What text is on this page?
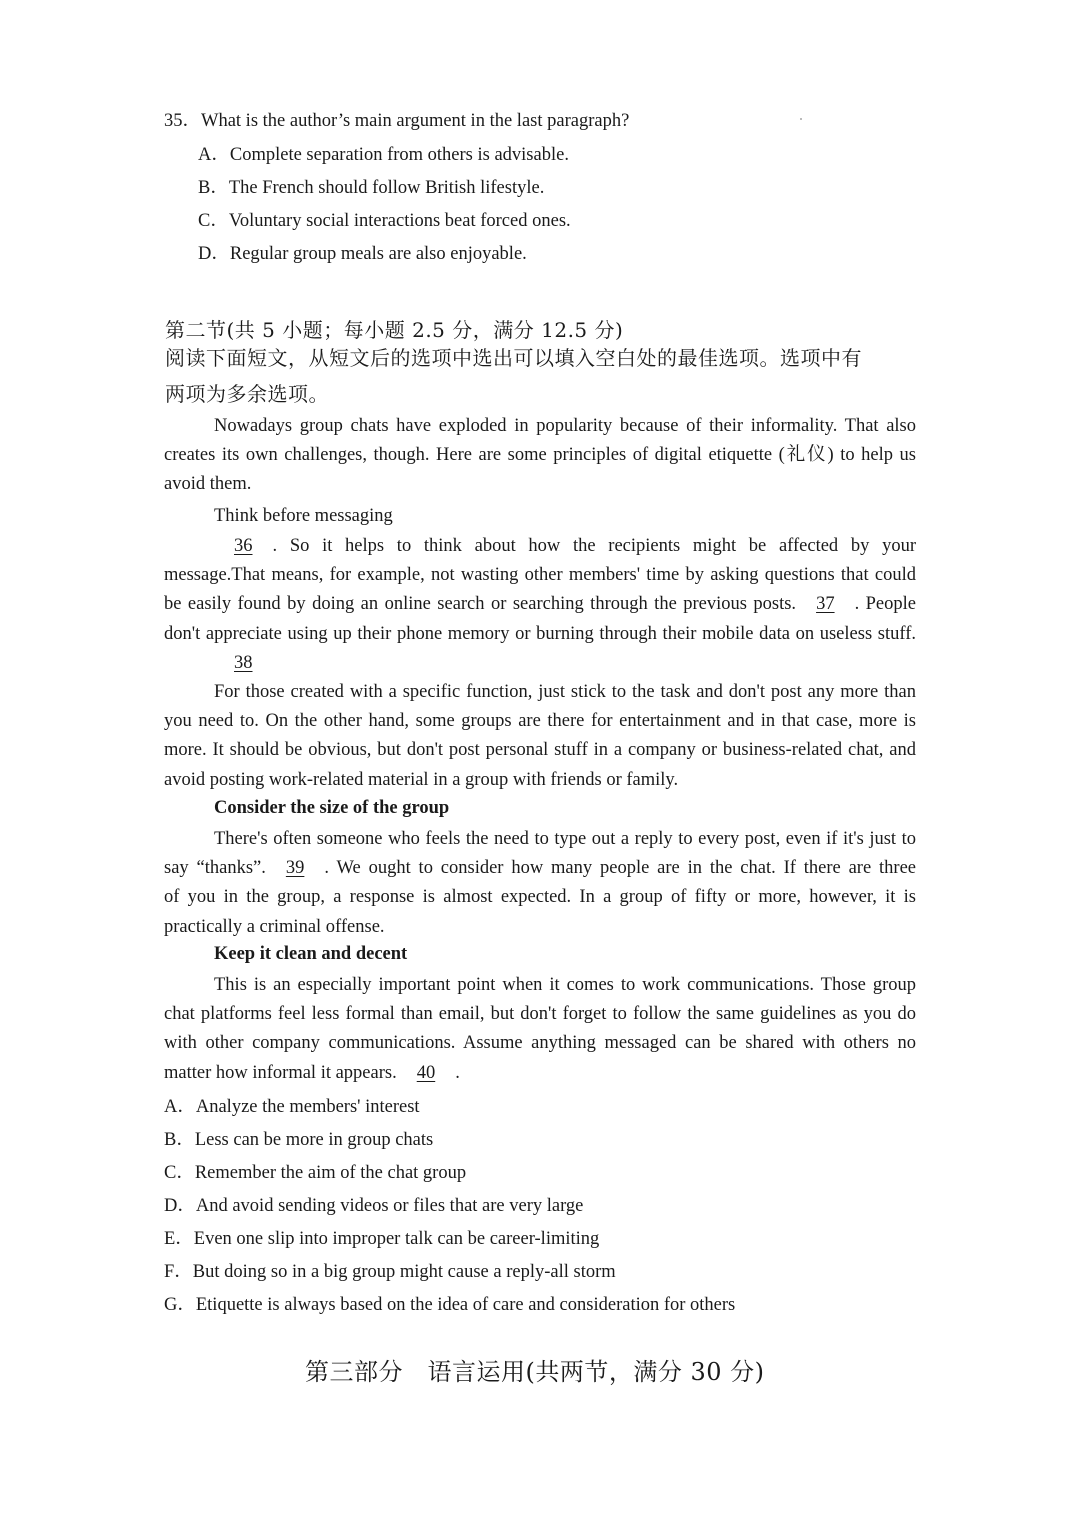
35．What is the author’s main argument in the last paragraph?
A．Complete separation from others is advisable.
B．The French should follow British lifestyle.
C．Voluntary social interactions beat forced ones.
D．Regular group meals are also enjoyable.
第二节(共 5 小题；每小题 2.5 分，满分 12.5 分)
阅读下面短文，从短文后的选项中选出可以填入空白处的最佳选项。选项中有
两项为多余选项。
Nowadays group chats have exploded in popularity because of their informality. That also
creates its own challenges, though. Here are some principles of digital etiquette (礼仪) to help us
avoid them.
Think before messaging
36 . So it helps to think about how the recipients might be affected by your
message.That means, for example, not wasting other members' time by asking questions that could
be easily found by doing an online search or searching through the previous posts. 37 . People
don't appreciate using up their phone memory or burning through their mobile data on useless stuff.
38
For those created with a specific function, just stick to the task and don't post any more than
you need to. On the other hand, some groups are there for entertainment and in that case, more is
more. It should be obvious, but don't post personal stuff in a company or business-related chat, and
avoid posting work-related material in a group with friends or family.
Consider the size of the group
There's often someone who feels the need to type out a reply to every post, even if it's just to
say “thanks”. 39 . We ought to consider how many people are in the chat. If there are three
of you in the group, a response is almost expected. In a group of fifty or more, however, it is
practically a criminal offense.
Keep it clean and decent
This is an especially important point when it comes to work communications. Those group
chat platforms feel less formal than email, but don't forget to follow the same guidelines as you do
with other company communications. Assume anything messaged can be shared with others no
matter how informal it appears. 40 .
A．Analyze the members' interest
B．Less can be more in group chats
C．Remember the aim of the chat group
D．And avoid sending videos or files that are very large
E．Even one slip into improper talk can be career-limiting
F．But doing so in a big group might cause a reply-all storm
G．Etiquette is always based on the idea of care and consideration for others
第三部分　语言运用(共两节，满分 30 分)
